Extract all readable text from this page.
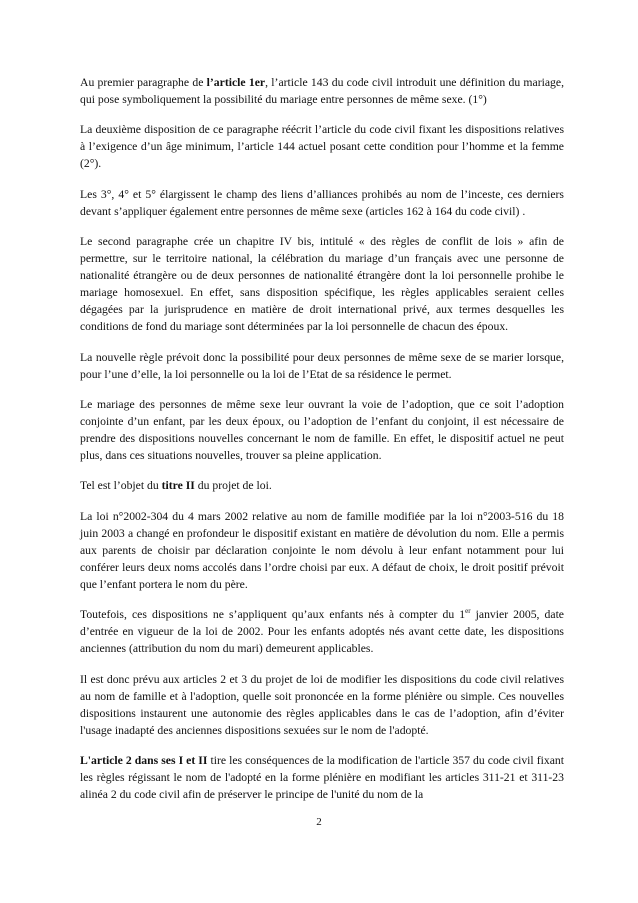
Au premier paragraphe de l’article 1er, l’article 143 du code civil introduit une définition du mariage, qui pose symboliquement la possibilité du mariage entre personnes de même sexe. (1°)

La deuxième disposition de ce paragraphe réécrit l’article du code civil fixant les dispositions relatives à l’exigence d’un âge minimum, l’article 144 actuel posant cette condition pour l’homme et la femme (2°).

Les 3°, 4° et 5° élargissent le champ des liens d’alliances prohibés au nom de l’inceste, ces derniers devant s’appliquer également entre personnes de même sexe (articles 162 à 164 du code civil) .

Le second paragraphe crée un chapitre IV bis, intitulé « des règles de conflit de lois » afin de permettre, sur le territoire national, la célébration du mariage d’un français avec une personne de nationalité étrangère ou de deux personnes de nationalité étrangère dont la loi personnelle prohibe le mariage homosexuel. En effet, sans disposition spécifique, les règles applicables seraient celles dégagées par la jurisprudence en matière de droit international privé, aux termes desquelles les conditions de fond du mariage sont déterminées par la loi personnelle de chacun des époux.

La nouvelle règle prévoit donc la possibilité pour deux personnes de même sexe de se marier lorsque, pour l’une d’elle, la loi personnelle ou la loi de l’Etat de sa résidence le permet.

Le mariage des personnes de même sexe leur ouvrant la voie de l’adoption, que ce soit l’adoption conjointe d’un enfant, par les deux époux, ou l’adoption de l’enfant du conjoint, il est nécessaire de prendre des dispositions nouvelles concernant le nom de famille. En effet, le dispositif actuel ne peut plus, dans ces situations nouvelles, trouver sa pleine application.

Tel est l’objet du titre II du projet de loi.

La loi n°2002-304 du 4 mars 2002 relative au nom de famille modifiée par la loi n°2003-516 du 18 juin 2003 a changé en profondeur le dispositif existant en matière de dévolution du nom. Elle a permis aux parents de choisir par déclaration conjointe le nom dévolu à leur enfant notamment pour lui conférer leurs deux noms accolés dans l’ordre choisi par eux. A défaut de choix, le droit positif prévoit que l’enfant portera le nom du père.

Toutefois, ces dispositions ne s’appliquent qu’aux enfants nés à compter du 1er janvier 2005, date d’entrée en vigueur de la loi de 2002. Pour les enfants adoptés nés avant cette date, les dispositions anciennes (attribution du nom du mari) demeurent applicables.

Il est donc prévu aux articles 2 et 3 du projet de loi de modifier les dispositions du code civil relatives au nom de famille et à l'adoption, quelle soit prononcée en la forme plénière ou simple. Ces nouvelles dispositions instaurent une autonomie des règles applicables dans le cas de l’adoption, afin d’éviter l'usage inadapté des anciennes dispositions sexuées sur le nom de l'adopté.

L'article 2 dans ses I et II tire les conséquences de la modification de l'article 357 du code civil fixant les règles régissant le nom de l'adopté en la forme plénière en modifiant les articles 311-21 et 311-23 alinéa 2 du code civil afin de préserver le principe de l'unité du nom de la

2
